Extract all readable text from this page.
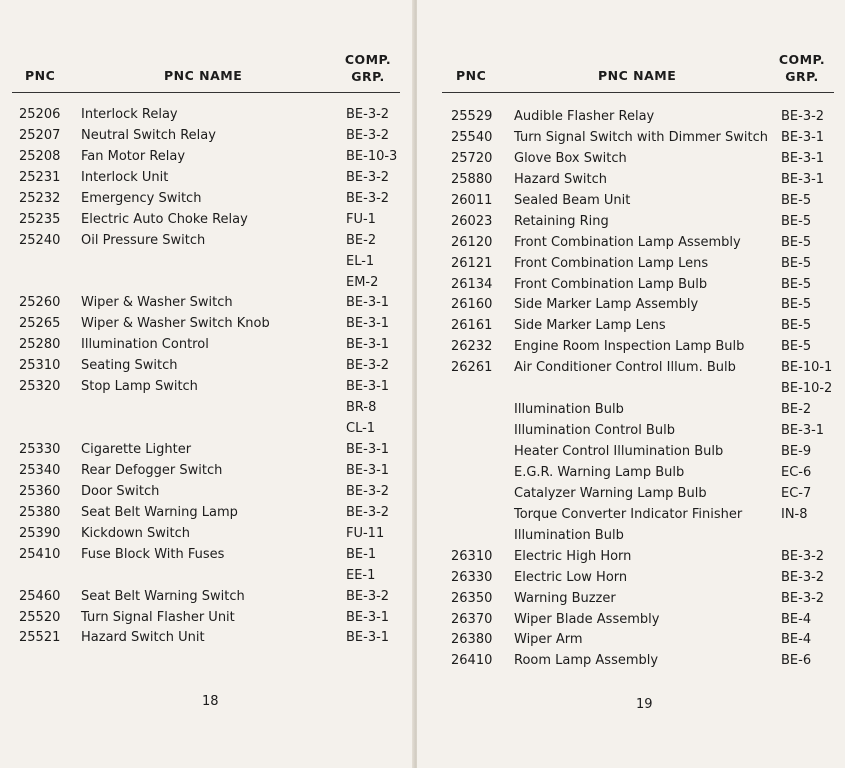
PNC	PNC NAME
COMP.
GRP.
25206 Interlock Relay	BE-3-2
25207 Neutral Switch Relay	BE-3-2
25208 Fan Motor Relay	BE-10-3
25231 Interlock Unit	BE-3-2
25232 Emergency Switch	BE-3-2
25235 Electric Auto Choke Relay	FU-1
25240 Oil Pressure Switch	BE-2
EL-1
EM-2
25260 Wiper & Washer Switch	BE-3-1
25265 Wiper & Washer Switch Knob	BE-3-1
25280 Illumination Control	BE-3-1
25310 Seating Switch	BE-3-2
25320 Stop Lamp Switch	BE-3-1
BR-8
CL-1
25330 Cigarette Lighter	BE-3-1
25340 Rear Defogger Switch	BE-3-1
25360 Door Switch	BE-3-2
25380 Seat Belt Warning Lamp	BE-3-2
25390 Kickdown Switch	FU-11
25410 Fuse Block With Fuses	BE-1
EE-1
25460 Seat Belt Warning Switch	BE-3-2
25520 Turn Signal Flasher Unit	BE-3-1
25521 Hazard Switch Unit	BE-3-1
18
PNC	PNC NAME
COMP.
GRP.
25529 Audible Flasher Relay	BE-3-2
25540 Turn Signal Switch with Dimmer Switch BE-3-1
25720 Glove Box Switch	BE-3-1
25880 Hazard Switch	BE-3-1
26011 Sealed Beam Unit	BE-5
26023 Retaining Ring	BE-5
26120 Front Combination Lamp Assembly	BE-5
26121 Front Combination Lamp Lens	BE-5
26134 Front Combination Lamp Bulb	BE-5
26160 Side Marker Lamp Assembly	BE-5
26161 Side Marker Lamp Lens	BE-5
26232 Engine Room Inspection Lamp Bulb	BE-5
26261 Air Conditioner Control Illum. Bulb	BE-10-1
BE-10-2
Illumination Bulb	BE-2
Illumination Control Bulb	BE-3-1
Heater Control Illumination Bulb	BE-9
E.G.R. Warning Lamp Bulb	EC-6
Catalyzer Warning Lamp Bulb	EC-7
Torque Converter Indicator Finisher	IN-8
Illumination Bulb
26310 Electric High Horn	BE-3-2
26330 Electric Low Horn	BE-3-2
26350 Warning Buzzer	BE-3-2
26370 Wiper Blade Assembly	BE-4
26380 Wiper Arm	BE-4
26410 Room Lamp Assembly	BE-6
19
